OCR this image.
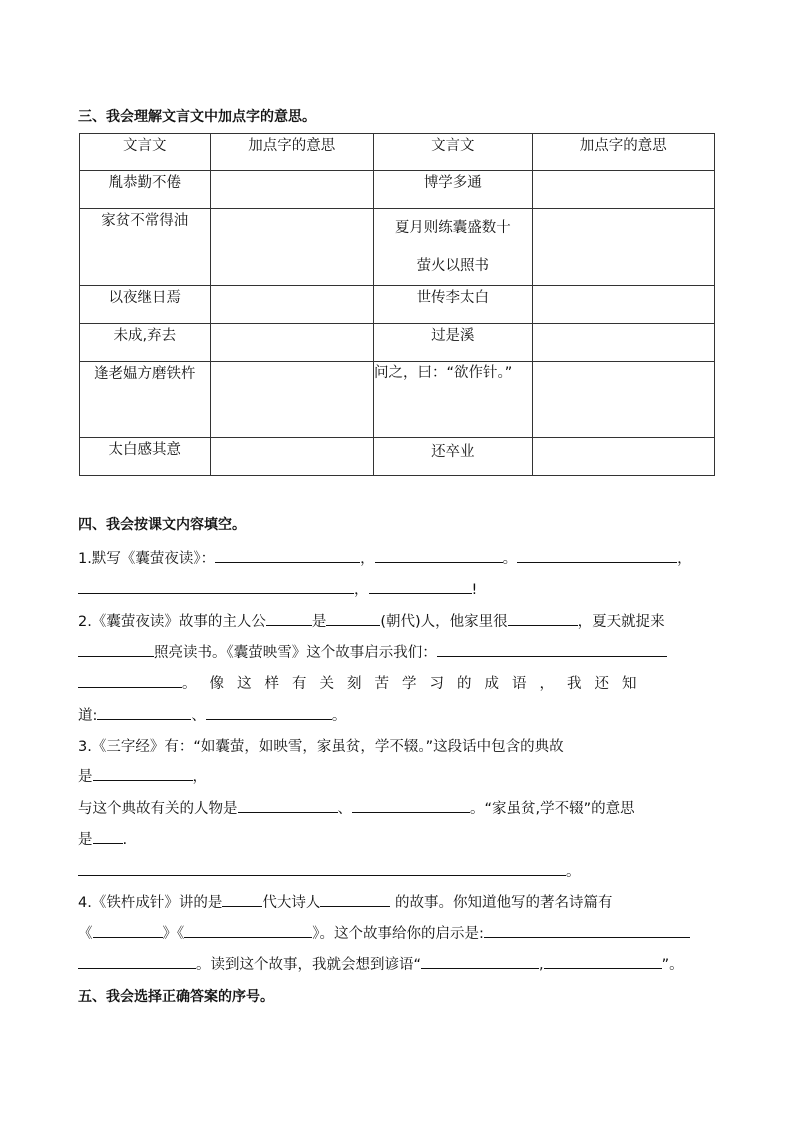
三、我会理解文言文中加点字的意思。
文言文	加点字的意思	文言文	加点字的意思
胤恭勤不倦		博学多通	
家贫不常得油		夏月则练囊盛数十
萤火以照书	

以夜继日焉		世传李太白	
未成,弃去		过是溪	
逢老媪方磨铁杵		问之，曰：“欲作针。”	
太白感其意		还卒业	
四、我会按课文内容填空。
1.默写《囊萤夜读》：	，	。	，
，	!
2.《囊萤夜读》故事的主人公	是	(朝代)人，他家里很	，夏天就捉来
照亮读书。《囊萤映雪》这个故事启示我们：
。像这样有关刻苦学习的成语，我还知
道:	、	。
3.《三字经》有：“如囊萤，如映雪，家虽贫，学不辍。”这段话中包含的典故
是	，
与这个典故有关的人物是	、	。“家虽贫,学不辍”的意思
是 .
。
4.《铁杵成针》讲的是	代大诗人	的故事。你知道他写的著名诗篇有
《	》《	》。这个故事给你的启示是:
。读到这个故事，我就会想到谚语“	,	”。
五、我会选择正确答案的序号。
